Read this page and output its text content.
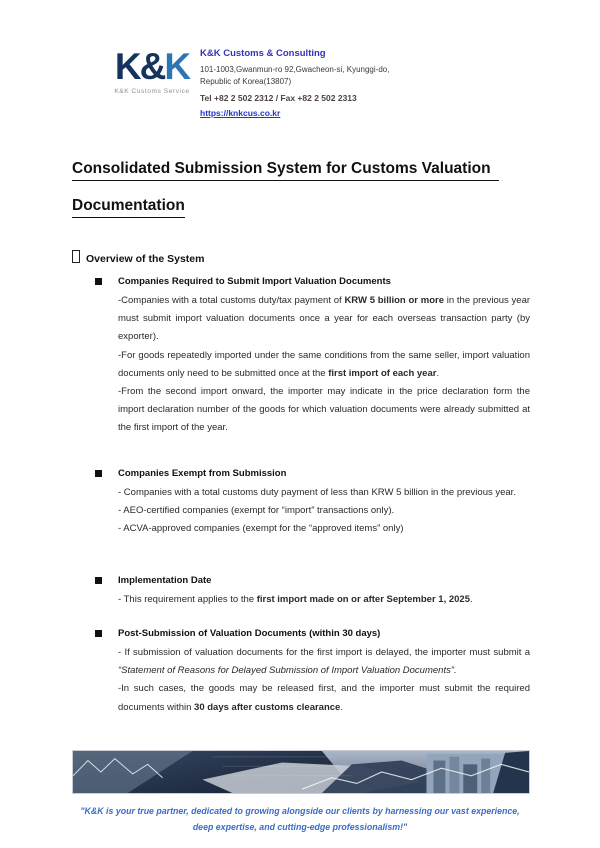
K&K
K&K Customs Service
K&K Customs & Consulting
101-1003,Gwanmun-ro 92,Gwacheon-si, Kyunggi-do,
Republic of Korea(13807)
Tel +82 2 502 2312 / Fax +82 2 502 2313
https://knkcus.co.kr
Consolidated Submission System for Customs Valuation
Documentation
Overview of the System
Companies Required to Submit Import Valuation Documents

-Companies with a total customs duty/tax payment of KRW 5 billion or more in the previous year must submit import valuation documents once a year for each overseas transaction party (by exporter).

-For goods repeatedly imported under the same conditions from the same seller, import valuation documents only need to be submitted once at the first import of each year.

-From the second import onward, the importer may indicate in the price declaration form the import declaration number of the goods for which valuation documents were already submitted at the first import of the year.

Companies Exempt from Submission

- Companies with a total customs duty payment of less than KRW 5 billion in the previous year.

- AEO-certified companies (exempt for “import” transactions only).

- ACVA-approved companies (exempt for the “approved items” only)

Implementation Date

- This requirement applies to the first import made on or after September 1, 2025.

Post-Submission of Valuation Documents (within 30 days)

- If submission of valuation documents for the first import is delayed, the importer must submit a “Statement of Reasons for Delayed Submission of Import Valuation Documents”.

-In such cases, the goods may be released first, and the importer must submit the required documents within 30 days after customs clearance.

"K&K is your true partner, dedicated to growing alongside our clients by harnessing our vast experience,
deep expertise, and cutting-edge professionalism!"
